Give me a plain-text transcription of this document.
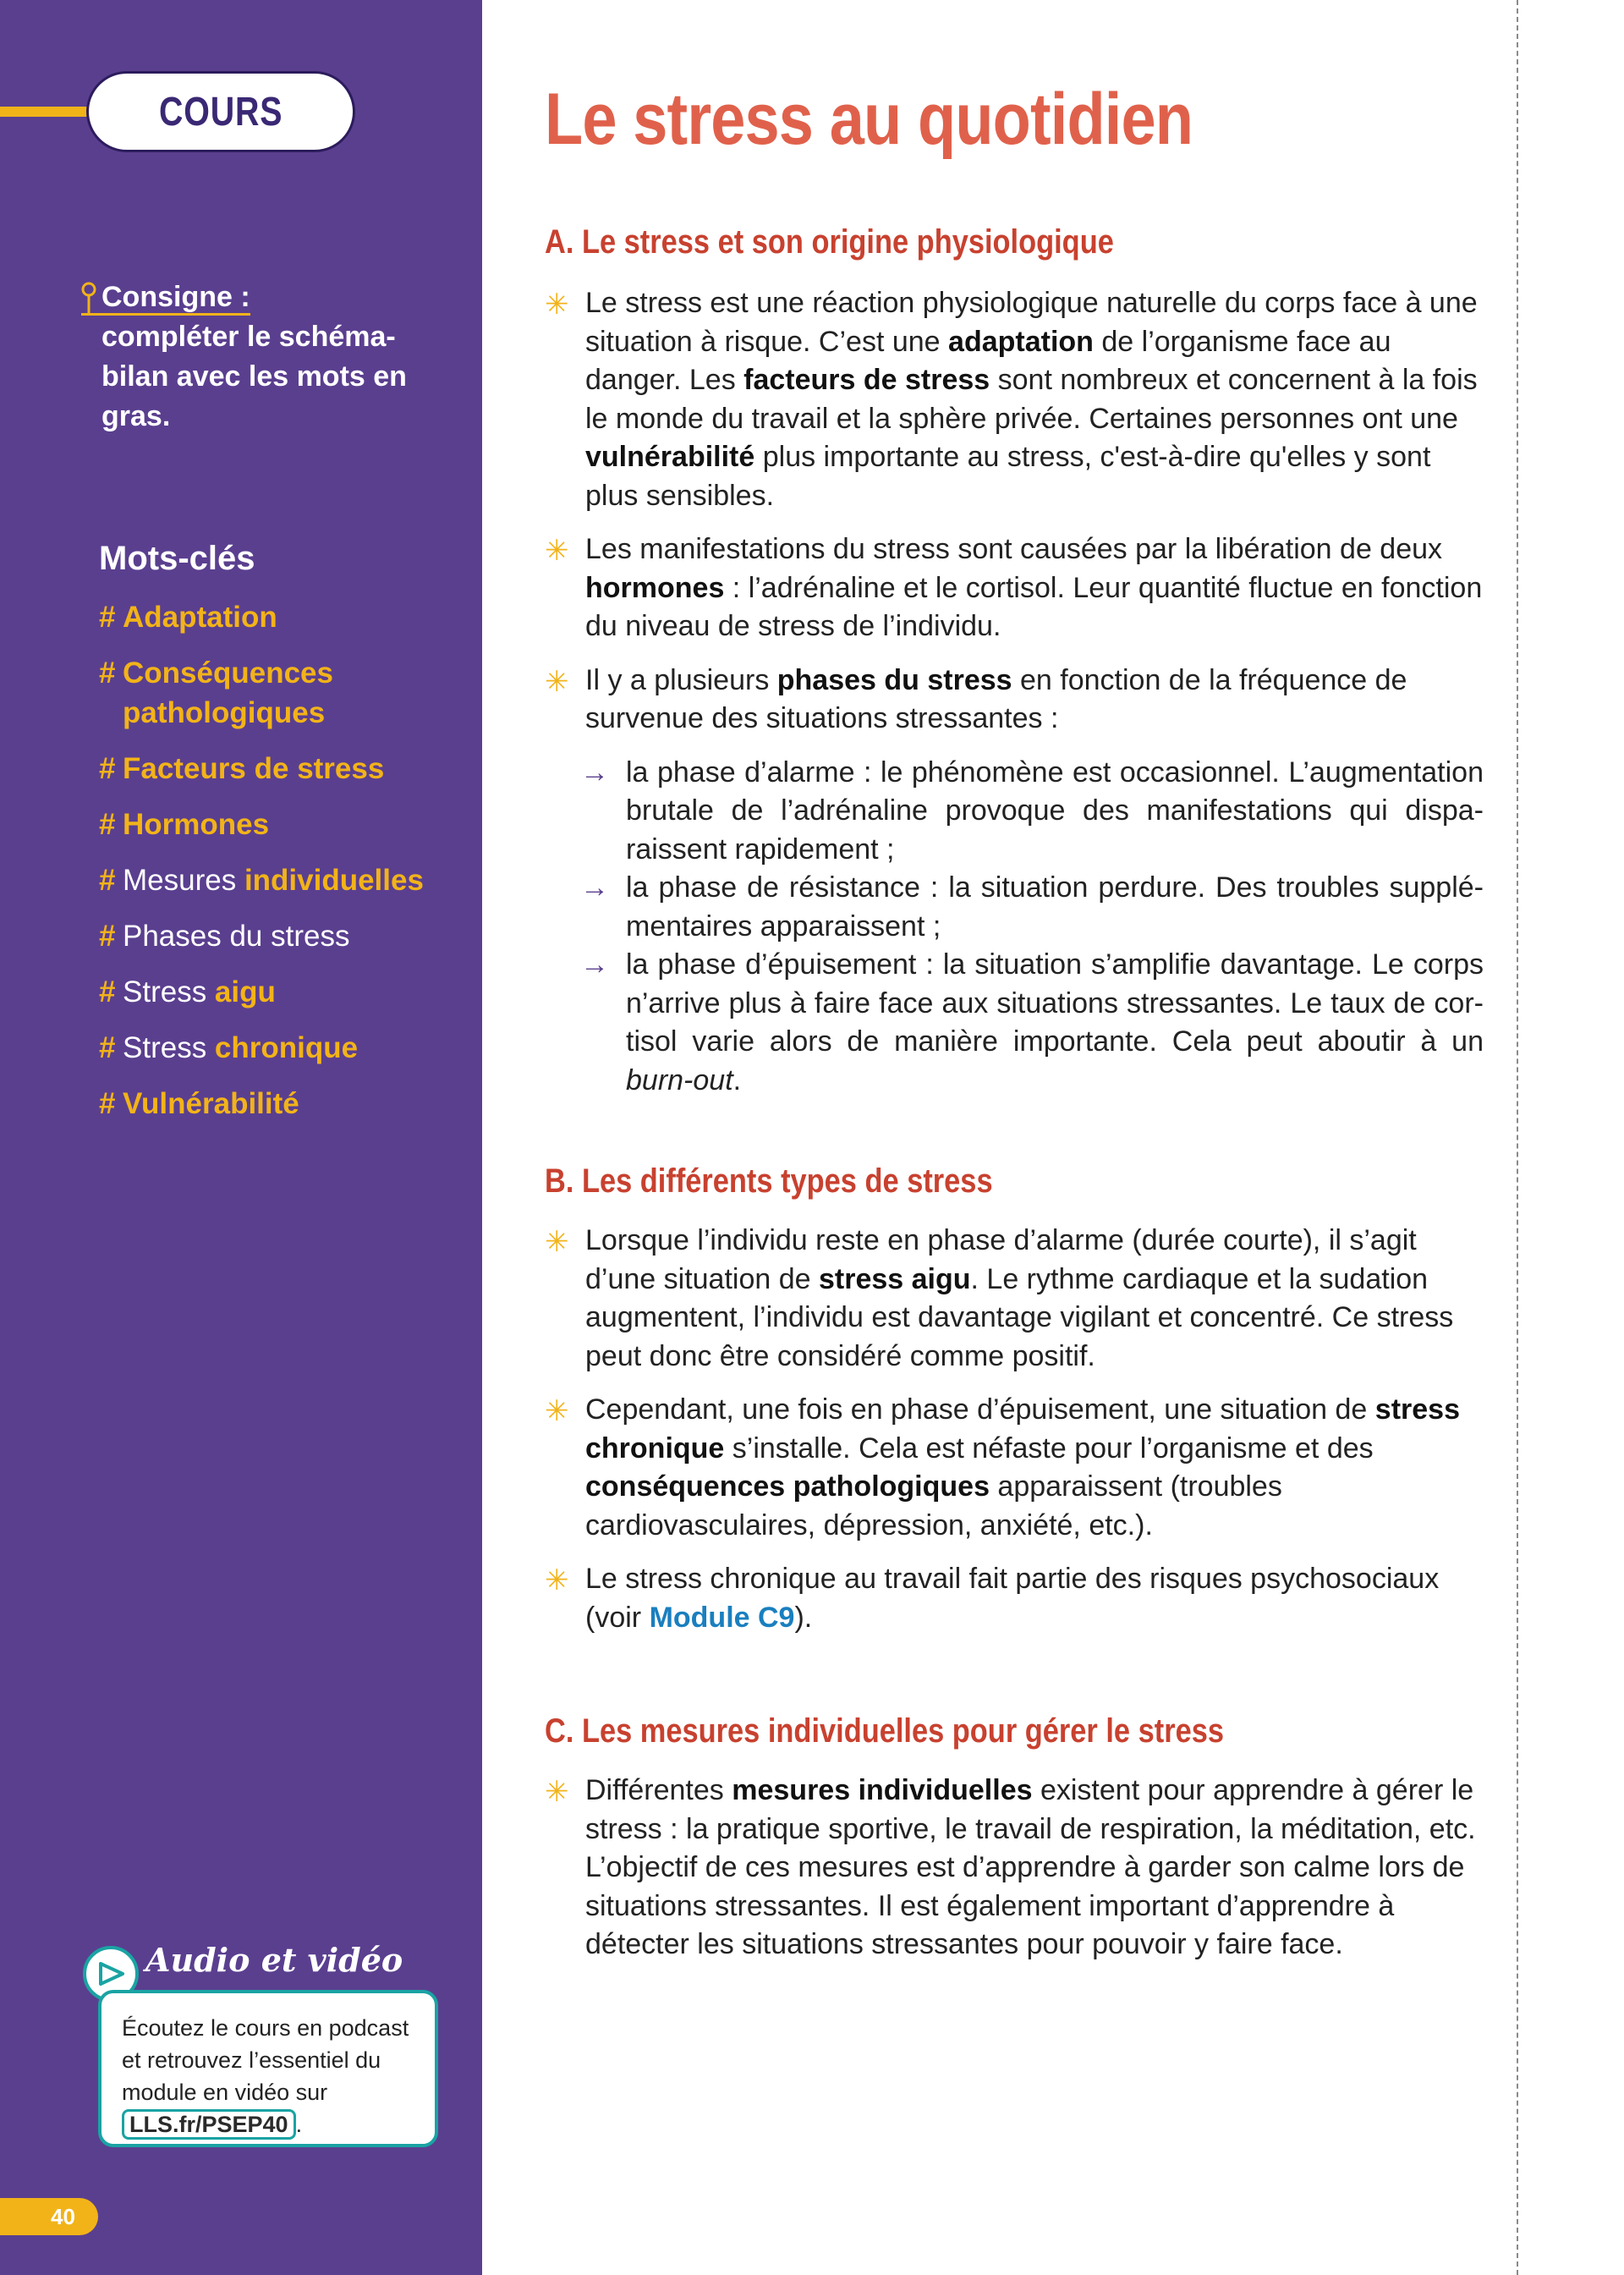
COURS
Consigne :
compléter le schéma-bilan avec les mots en gras.
Mots-clés
# Adaptation
# Conséquences pathologiques
# Facteurs de stress
# Hormones
# Mesures individuelles
# Phases du stress
# Stress aigu
# Stress chronique
# Vulnérabilité
Audio et vidéo
Écoutez le cours en podcast et retrouvez l’essentiel du module en vidéo sur LLS.fr/PSEP40 .
40
Le stress au quotidien
A. Le stress et son origine physiologique

✳ Le stress est une réaction physiologique naturelle du corps face à une situation à risque. C’est une adaptation de l’organisme face au danger. Les facteurs de stress sont nombreux et concernent à la fois le monde du travail et la sphère privée. Certaines personnes ont une vulnérabilité plus importante au stress, c'est-à-dire qu'elles y sont plus sensibles.

✳ Les manifestations du stress sont causées par la libération de deux hormones : l’adrénaline et le cortisol. Leur quantité fluctue en fonction du niveau de stress de l’individu.

✳ Il y a plusieurs phases du stress en fonction de la fréquence de survenue des situations stressantes :

→ la phase d’alarme : le phénomène est occasionnel. L’augmentation brutale de l’adrénaline provoque des manifestations qui dispa-raissent rapidement ;

→ la phase de résistance : la situation perdure. Des troubles supplé-mentaires apparaissent ;

→ la phase d’épuisement : la situation s’amplifie davantage. Le corps n’arrive plus à faire face aux situations stressantes. Le taux de cor-tisol varie alors de manière importante. Cela peut aboutir à un burn-out.

B. Les différents types de stress

✳ Lorsque l’individu reste en phase d’alarme (durée courte), il s’agit d’une situation de stress aigu. Le rythme cardiaque et la sudation augmentent, l’individu est davantage vigilant et concentré. Ce stress peut donc être considéré comme positif.

✳ Cependant, une fois en phase d’épuisement, une situation de stress chronique s’installe. Cela est néfaste pour l’organisme et des conséquences pathologiques apparaissent (troubles cardiovasculaires, dépression, anxiété, etc.).

✳ Le stress chronique au travail fait partie des risques psychosociaux (voir Module C9).

C. Les mesures individuelles pour gérer le stress

✳ Différentes mesures individuelles existent pour apprendre à gérer le stress : la pratique sportive, le travail de respiration, la méditation, etc. L’objectif de ces mesures est d’apprendre à garder son calme lors de situations stressantes. Il est également important d’apprendre à détecter les situations stressantes pour pouvoir y faire face.
